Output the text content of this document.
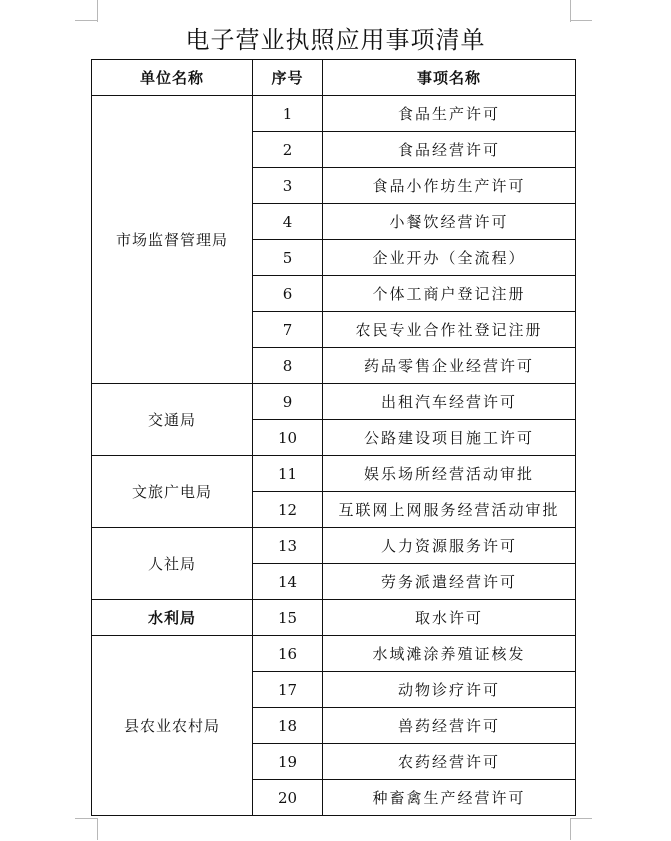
电子营业执照应用事项清单
单位名称	序号	事项名称
市场监督管理局	1	食品生产许可
	2	食品经营许可
	3	食品小作坊生产许可
	4	小餐饮经营许可
	5	企业开办（全流程）
	6	个体工商户登记注册
	7	农民专业合作社登记注册
	8	药品零售企业经营许可
交通局	9	出租汽车经营许可
	10	公路建设项目施工许可
文旅广电局	11	娱乐场所经营活动审批
	12	互联网上网服务经营活动审批
人社局	13	人力资源服务许可
	14	劳务派遣经营许可
水利局	15	取水许可
县农业农村局	16	水域滩涂养殖证核发
	17	动物诊疗许可
	18	兽药经营许可
	19	农药经营许可
	20	种畜禽生产经营许可
